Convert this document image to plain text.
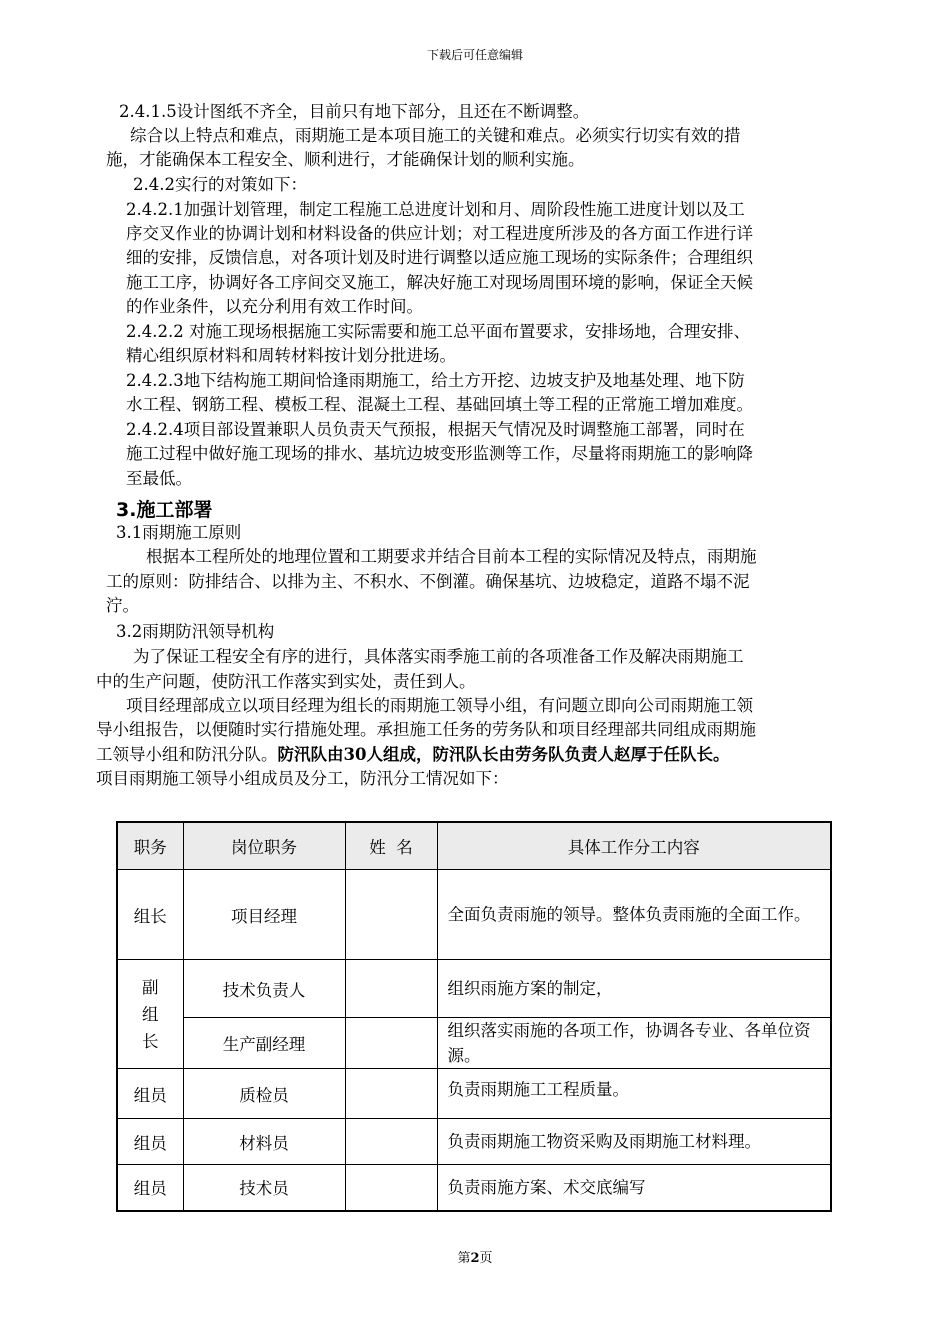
下载后可任意编辑
2.4.1.5设计图纸不齐全，目前只有地下部分，且还在不断调整。
综合以上特点和难点，雨期施工是本项目施工的关键和难点。必须实行切实有效的措
施，才能确保本工程安全、顺利进行，才能确保计划的顺利实施。
2.4.2实行的对策如下：
2.4.2.1加强计划管理，制定工程施工总进度计划和月、周阶段性施工进度计划以及工
序交叉作业的协调计划和材料设备的供应计划；对工程进度所涉及的各方面工作进行详
细的安排，反馈信息，对各项计划及时进行调整以适应施工现场的实际条件；合理组织
施工工序，协调好各工序间交叉施工，解决好施工对现场周围环境的影响，保证全天候
的作业条件，以充分利用有效工作时间。
2.4.2.2 对施工现场根据施工实际需要和施工总平面布置要求，安排场地，合理安排、
精心组织原材料和周转材料按计划分批进场。
2.4.2.3地下结构施工期间恰逢雨期施工，给土方开挖、边坡支护及地基处理、地下防
水工程、钢筋工程、模板工程、混凝土工程、基础回填土等工程的正常施工增加难度。
2.4.2.4项目部设置兼职人员负责天气预报，根据天气情况及时调整施工部署，同时在
施工过程中做好施工现场的排水、基坑边坡变形监测等工作，尽量将雨期施工的影响降
至最低。
3.施工部署
3.1雨期施工原则
根据本工程所处的地理位置和工期要求并结合目前本工程的实际情况及特点，雨期施
工的原则：防排结合、以排为主、不积水、不倒灌。确保基坑、边坡稳定，道路不塌不泥
泞。
3.2雨期防汛领导机构
为了保证工程安全有序的进行，具体落实雨季施工前的各项准备工作及解决雨期施工
中的生产问题，使防汛工作落实到实处，责任到人。
项目经理部成立以项目经理为组长的雨期施工领导小组，有问题立即向公司雨期施工领
导小组报告，以便随时实行措施处理。承担施工任务的劳务队和项目经理部共同组成雨期施
工领导小组和防汛分队。防汛队由30人组成，防汛队长由劳务队负责人赵厚于任队长。
项目雨期施工领导小组成员及分工，防汛分工情况如下：
职务	岗位职务	姓  名	具体工作分工内容
组长	项目经理		全面负责雨施的领导。整体负责雨施的全面工作。

副组长	技术负责人		组织雨施方案的制定，
	生产副经理		组织落实雨施的各项工作，协调各专业、各单位资源。
组员	质检员		负责雨期施工工程质量。
组员	材料员		负责雨期施工物资采购及雨期施工材料理。
组员	技术员		负责雨施方案、术交底编写
第2页
